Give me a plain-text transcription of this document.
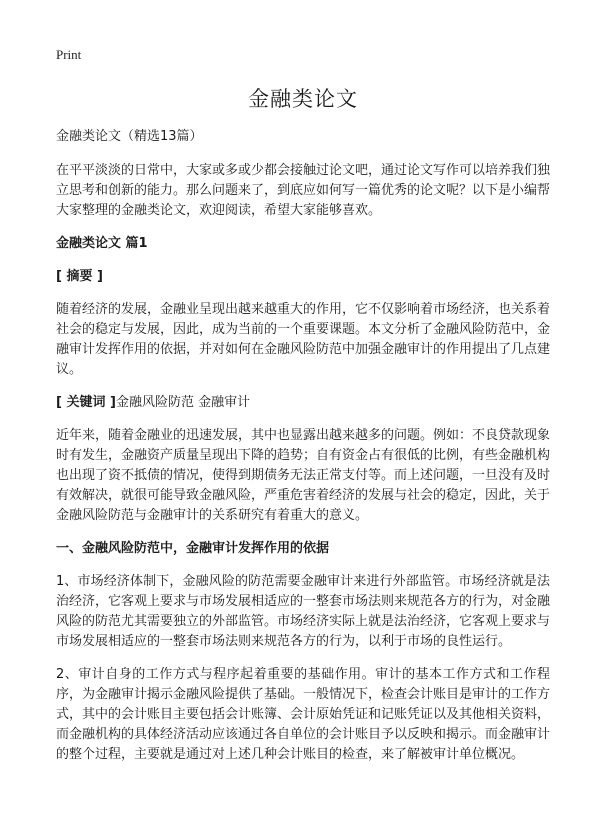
Print
金融类论文
金融类论文（精选13篇）

在平平淡淡的日常中，大家或多或少都会接触过论文吧，通过论文写作可以培养我们独立思考和创新的能力。那么问题来了，到底应如何写一篇优秀的论文呢？以下是小编帮大家整理的金融类论文，欢迎阅读，希望大家能够喜欢。

金融类论文 篇1
[ 摘要 ]

随着经济的发展，金融业呈现出越来越重大的作用，它不仅影响着市场经济，也关系着社会的稳定与发展，因此，成为当前的一个重要课题。本文分析了金融风险防范中，金融审计发挥作用的依据，并对如何在金融风险防范中加强金融审计的作用提出了几点建议。

[ 关键词 ]金融风险防范 金融审计

近年来，随着金融业的迅速发展，其中也显露出越来越多的问题。例如：不良贷款现象时有发生，金融资产质量呈现出下降的趋势；自有资金占有很低的比例，有些金融机构也出现了资不抵债的情况，使得到期债务无法正常支付等。而上述问题，一旦没有及时有效解决，就很可能导致金融风险，严重危害着经济的发展与社会的稳定，因此，关于金融风险防范与金融审计的关系研究有着重大的意义。

一、金融风险防范中，金融审计发挥作用的依据

1、市场经济体制下，金融风险的防范需要金融审计来进行外部监管。市场经济就是法治经济，它客观上要求与市场发展相适应的一整套市场法则来规范各方的行为，对金融风险的防范尤其需要独立的外部监管。市场经济实际上就是法治经济，它客观上要求与市场发展相适应的一整套市场法则来规范各方的行为，以利于市场的良性运行。

2、审计自身的工作方式与程序起着重要的基础作用。审计的基本工作方式和工作程序，为金融审计揭示金融风险提供了基础。一般情况下，检查会计账目是审计的工作方式，其中的会计账目主要包括会计账簿、会计原始凭证和记账凭证以及其他相关资料，而金融机构的具体经济活动应该通过各自单位的会计账目予以反映和揭示。而金融审计的整个过程，主要就是通过对上述几种会计账目的检查，来了解被审计单位概况。
